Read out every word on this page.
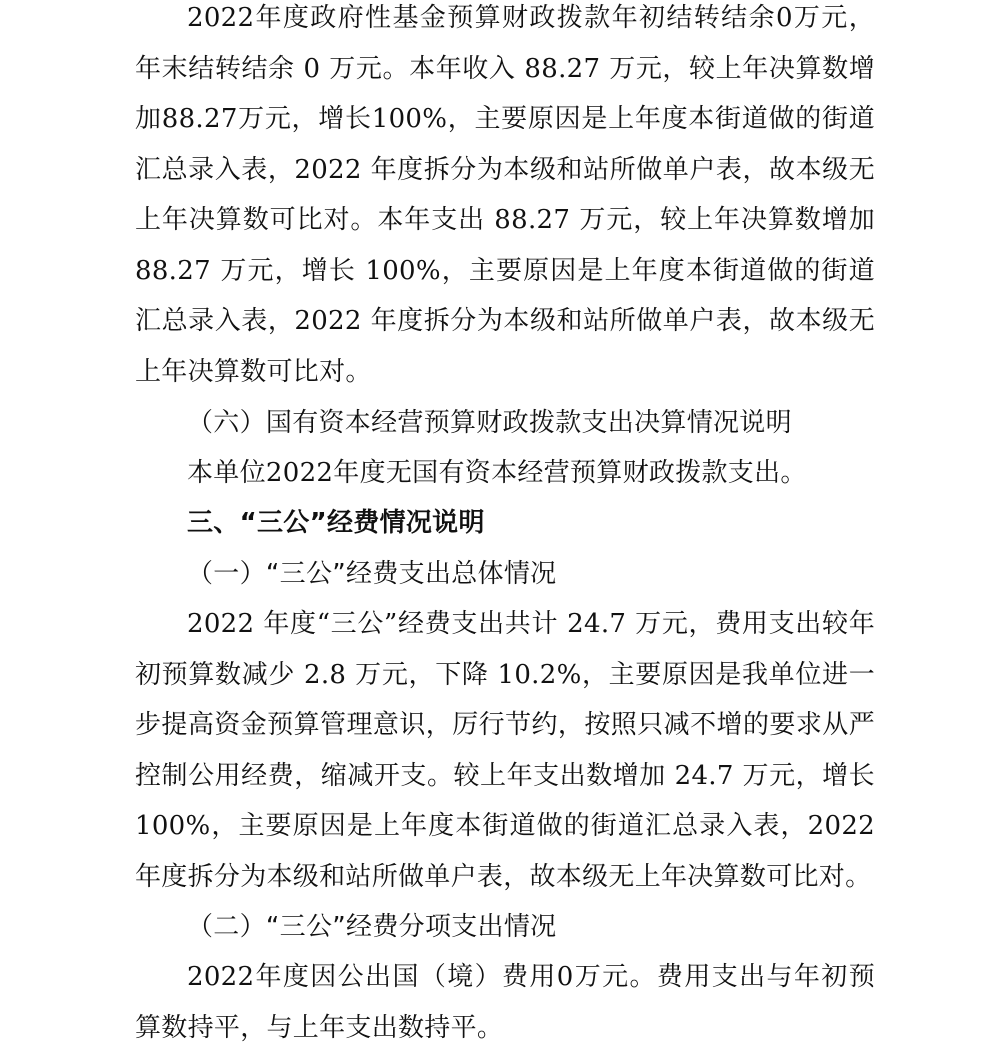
2022年度政府性基金预算财政拨款年初结转结余0万元，年末结转结余 0 万元。本年收入 88.27 万元，较上年决算数增加88.27万元，增长100%，主要原因是上年度本街道做的街道汇总录入表，2022 年度拆分为本级和站所做单户表，故本级无上年决算数可比对。本年支出 88.27 万元，较上年决算数增加 88.27 万元，增长 100%，主要原因是上年度本街道做的街道汇总录入表，2022 年度拆分为本级和站所做单户表，故本级无上年决算数可比对。

（六）国有资本经营预算财政拨款支出决算情况说明

本单位2022年度无国有资本经营预算财政拨款支出。

三、“三公”经费情况说明

（一）“三公”经费支出总体情况

2022 年度“三公”经费支出共计 24.7 万元，费用支出较年初预算数减少 2.8 万元，下降 10.2%，主要原因是我单位进一步提高资金预算管理意识，厉行节约，按照只减不增的要求从严控制公用经费，缩减开支。较上年支出数增加 24.7 万元，增长100%，主要原因是上年度本街道做的街道汇总录入表，2022 年度拆分为本级和站所做单户表，故本级无上年决算数可比对。

（二）“三公”经费分项支出情况

2022年度因公出国（境）费用0万元。费用支出与年初预算数持平，与上年支出数持平。
